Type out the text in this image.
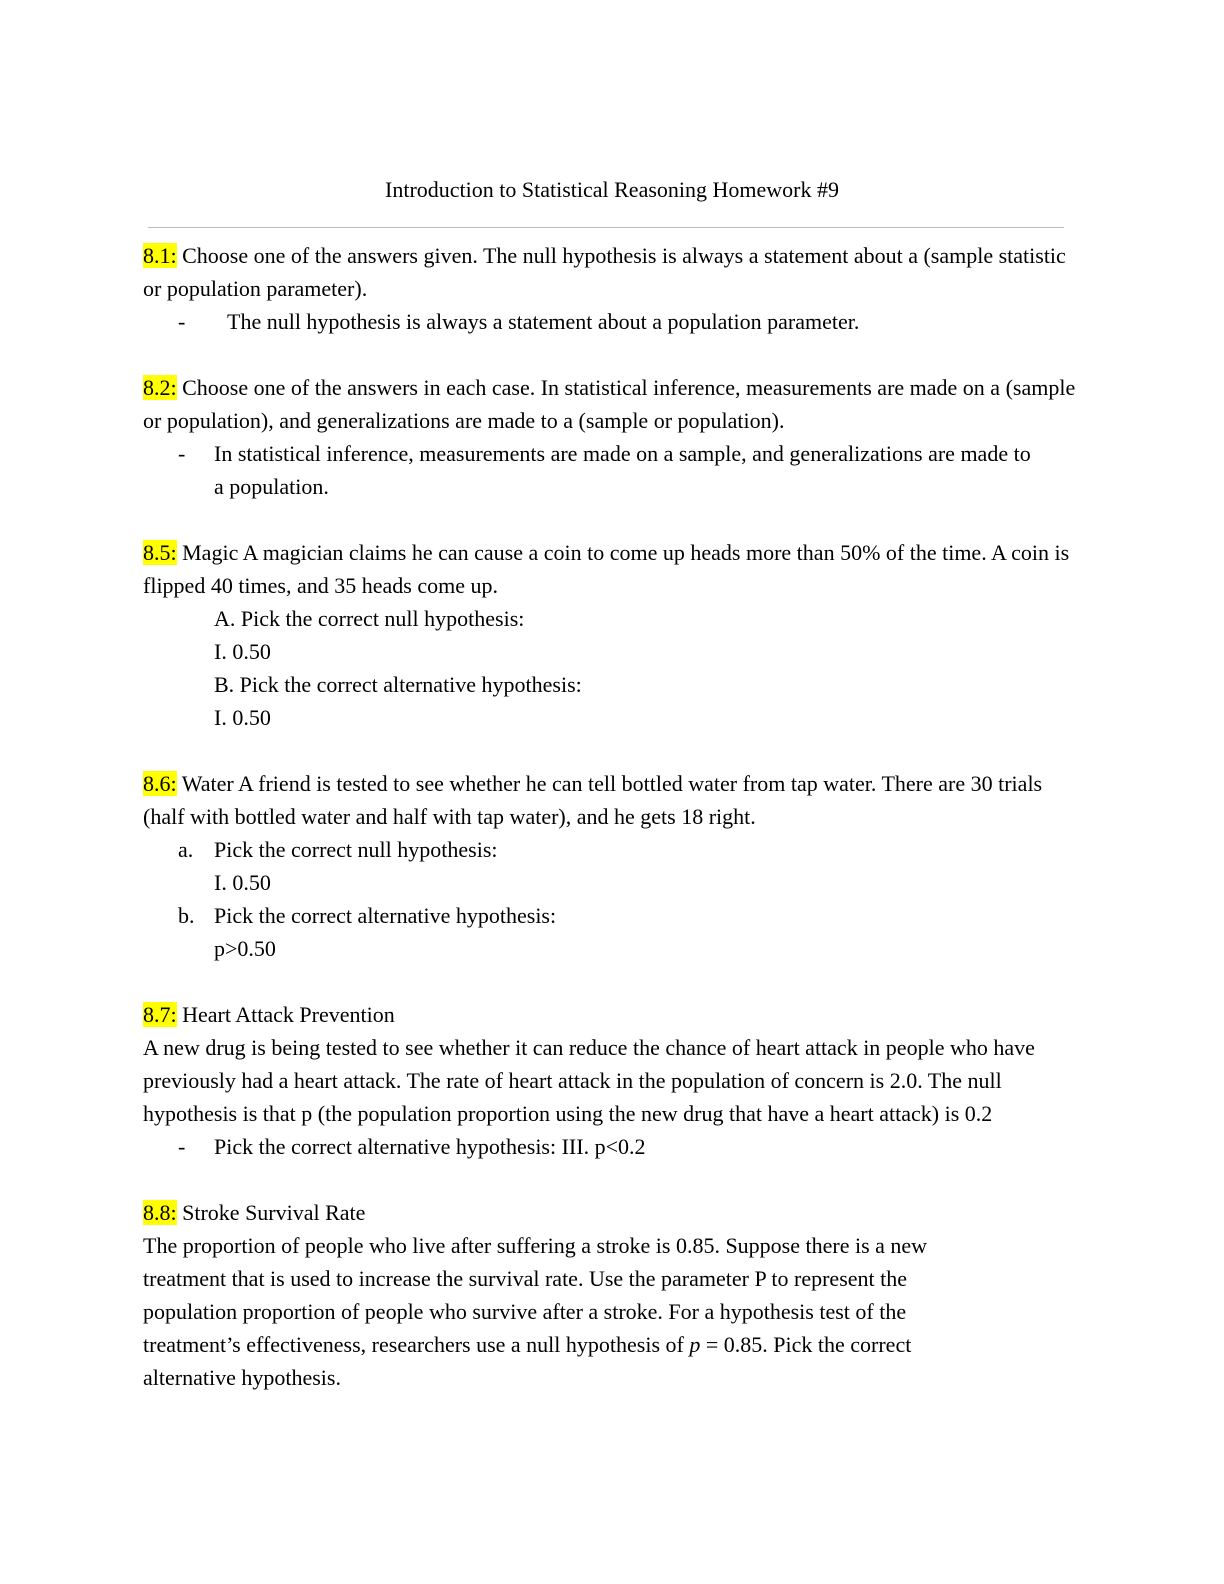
Introduction to Statistical Reasoning Homework #9

8.1: Choose one of the answers given. The null hypothesis is always a statement about a (sample statistic or population parameter).

-	The null hypothesis is always a statement about a population parameter.

8.2: Choose one of the answers in each case. In statistical inference, measurements are made on a (sample or population), and generalizations are made to a (sample or population).

-	In statistical inference, measurements are made on a sample, and generalizations are made to a population.

8.5: Magic A magician claims he can cause a coin to come up heads more than 50% of the time. A coin is flipped 40 times, and 35 heads come up.

A. Pick the correct null hypothesis:

I. 0.50

B. Pick the correct alternative hypothesis:

I. 0.50

8.6: Water A friend is tested to see whether he can tell bottled water from tap water. There are 30 trials (half with bottled water and half with tap water), and he gets 18 right.

a. Pick the correct null hypothesis:

I. 0.50

b. Pick the correct alternative hypothesis:

p>0.50

8.7: Heart Attack Prevention

A new drug is being tested to see whether it can reduce the chance of heart attack in people who have previously had a heart attack. The rate of heart attack in the population of concern is 2.0. The null hypothesis is that p (the population proportion using the new drug that have a heart attack) is 0.2

-	Pick the correct alternative hypothesis: III. p<0.2

8.8: Stroke Survival Rate

The proportion of people who live after suffering a stroke is 0.85. Suppose there is a new treatment that is used to increase the survival rate. Use the parameter P to represent the population proportion of people who survive after a stroke. For a hypothesis test of the treatment’s effectiveness, researchers use a null hypothesis of p = 0.85. Pick the correct alternative hypothesis.
